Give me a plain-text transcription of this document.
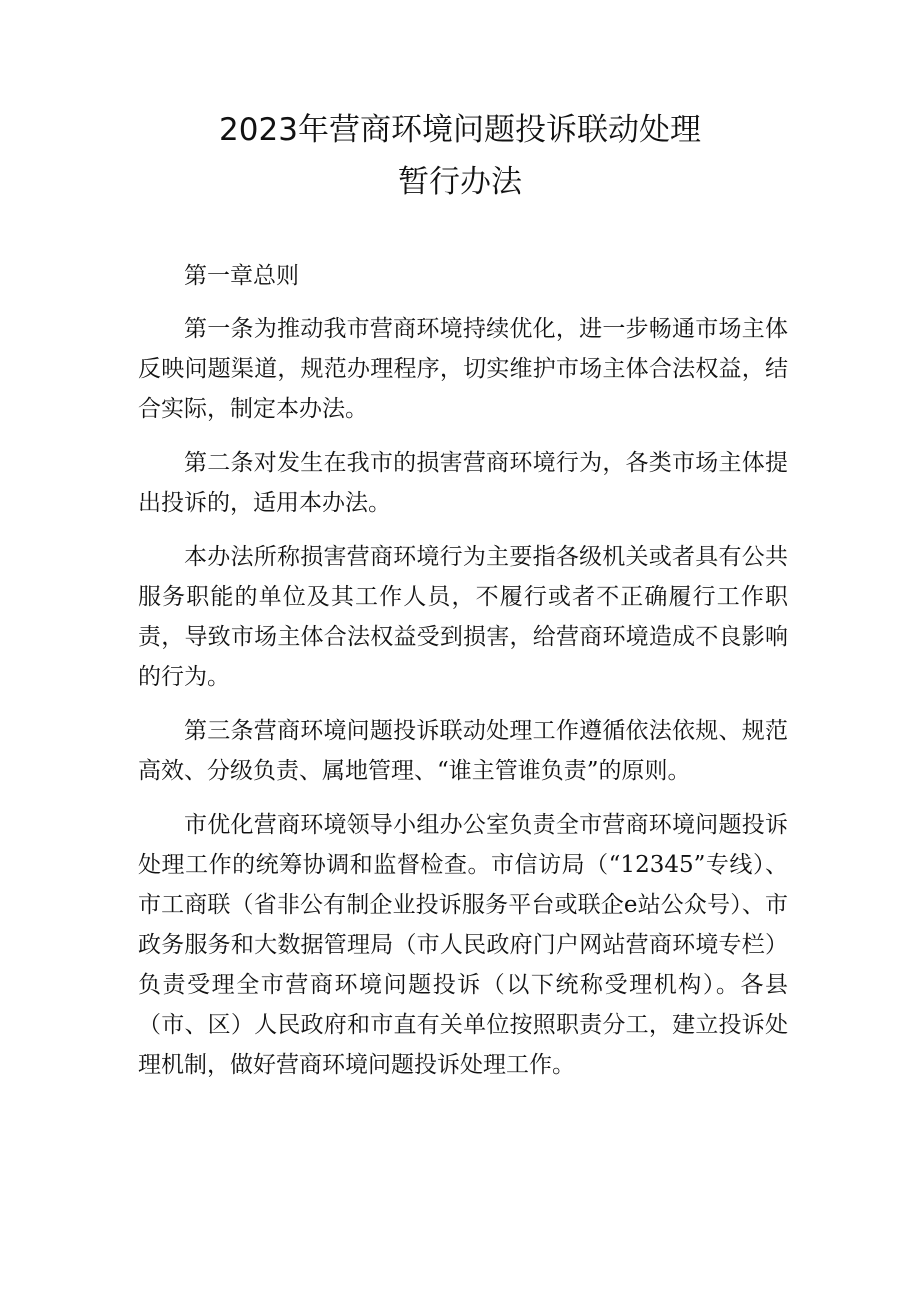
2023年营商环境问题投诉联动处理
暂行办法

第一章总则

第一条为推动我市营商环境持续优化，进一步畅通市场主体反映问题渠道，规范办理程序，切实维护市场主体合法权益，结合实际，制定本办法。

第二条对发生在我市的损害营商环境行为，各类市场主体提出投诉的，适用本办法。

本办法所称损害营商环境行为主要指各级机关或者具有公共服务职能的单位及其工作人员，不履行或者不正确履行工作职责，导致市场主体合法权益受到损害，给营商环境造成不良影响的行为。

第三条营商环境问题投诉联动处理工作遵循依法依规、规范高效、分级负责、属地管理、“谁主管谁负责”的原则。

市优化营商环境领导小组办公室负责全市营商环境问题投诉处理工作的统筹协调和监督检查。市信访局（“12345”专线）、市工商联（省非公有制企业投诉服务平台或联企e站公众号）、市政务服务和大数据管理局（市人民政府门户网站营商环境专栏）负责受理全市营商环境问题投诉（以下统称受理机构）。各县（市、区）人民政府和市直有关单位按照职责分工，建立投诉处理机制，做好营商环境问题投诉处理工作。
